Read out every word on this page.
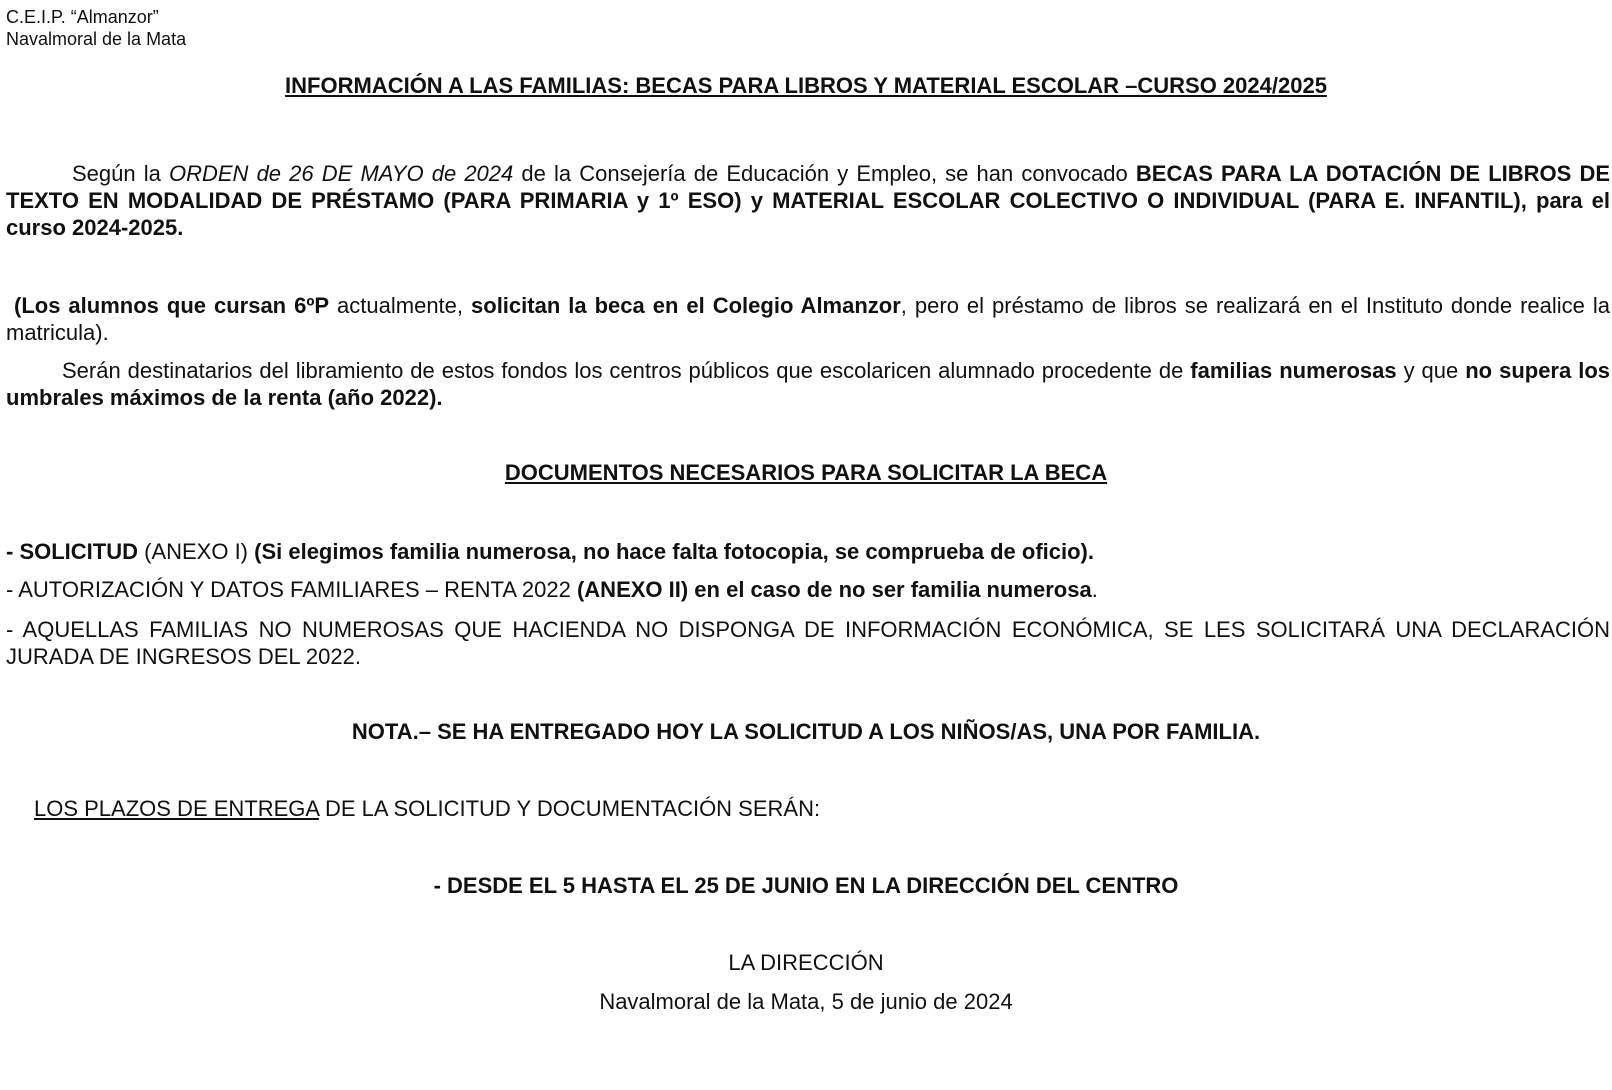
C.E.I.P. “Almanzor”
Navalmoral de la Mata
INFORMACIÓN A LAS FAMILIAS: BECAS PARA LIBROS Y MATERIAL ESCOLAR –CURSO 2024/2025
Según la ORDEN de 26 DE MAYO de 2024 de la Consejería de Educación y Empleo, se han convocado BECAS PARA LA DOTACIÓN DE LIBROS DE TEXTO EN MODALIDAD DE PRÉSTAMO (PARA PRIMARIA y 1º ESO) y MATERIAL ESCOLAR COLECTIVO O INDIVIDUAL (PARA E. INFANTIL), para el curso 2024-2025.
(Los alumnos que cursan 6ºP actualmente, solicitan la beca en el Colegio Almanzor, pero el préstamo de libros se realizará en el Instituto donde realice la matricula).
Serán destinatarios del libramiento de estos fondos los centros públicos que escolaricen alumnado procedente de familias numerosas y que no supera los umbrales máximos de la renta (año 2022).
DOCUMENTOS NECESARIOS PARA SOLICITAR LA BECA
- SOLICITUD (ANEXO I) (Si elegimos familia numerosa, no hace falta fotocopia, se comprueba de oficio).
- AUTORIZACIÓN Y DATOS FAMILIARES – RENTA 2022 (ANEXO II) en el caso de no ser familia numerosa.
- AQUELLAS FAMILIAS NO NUMEROSAS QUE HACIENDA NO DISPONGA DE INFORMACIÓN ECONÓMICA, SE LES SOLICITARÁ UNA DECLARACIÓN JURADA DE INGRESOS DEL 2022.
NOTA.– SE HA ENTREGADO HOY LA SOLICITUD A LOS NIÑOS/AS, UNA POR FAMILIA.
LOS PLAZOS DE ENTREGA DE LA SOLICITUD Y DOCUMENTACIÓN SERÁN:
- DESDE EL 5 HASTA EL 25 DE JUNIO EN LA DIRECCIÓN DEL CENTRO
LA DIRECCIÓN
Navalmoral de la Mata, 5 de junio de 2024
